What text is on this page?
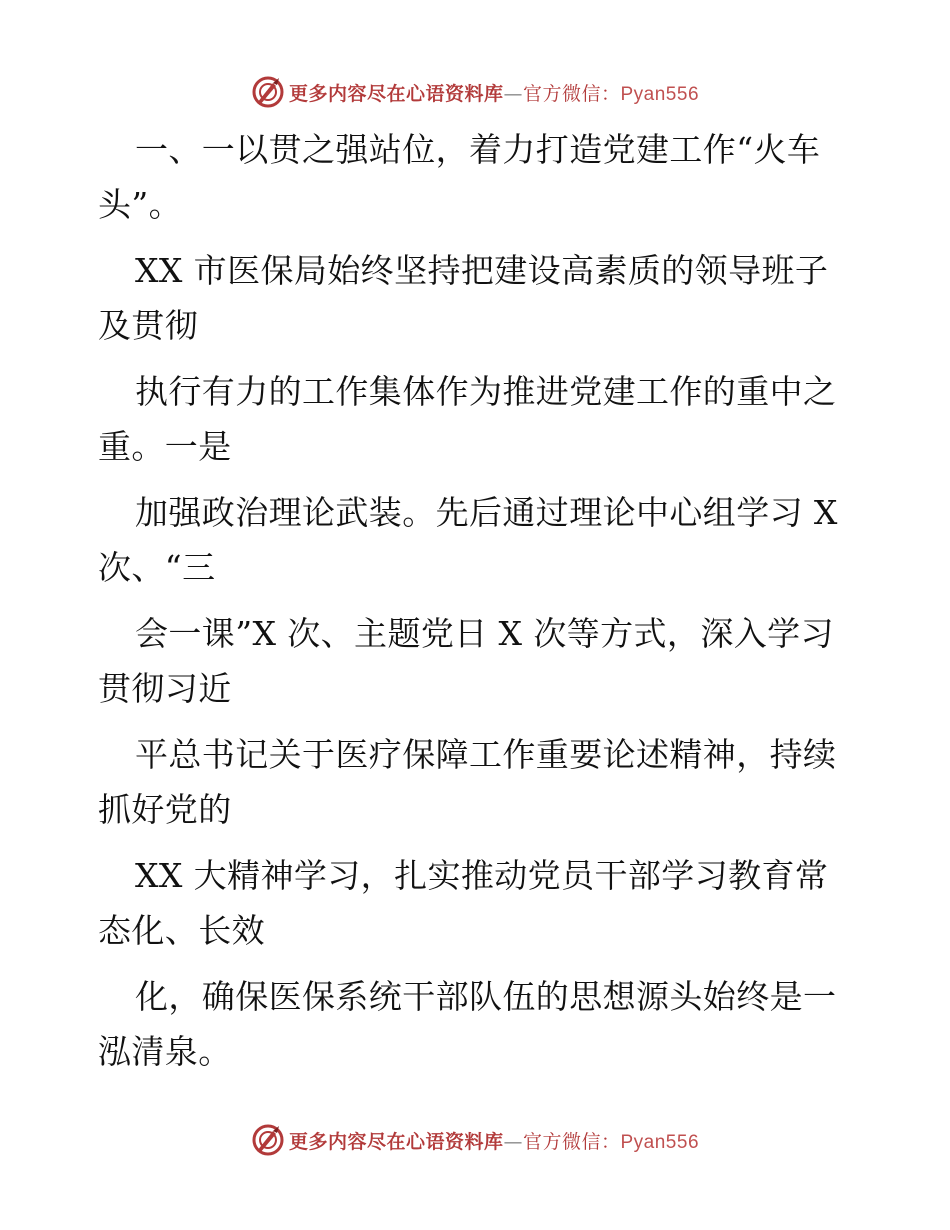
更多内容尽在心语资料库—官方微信：Pyan556

一、一以贯之强站位，着力打造党建工作“火车头”。

XX 市医保局始终坚持把建设高素质的领导班子及贯彻

执行有力的工作集体作为推进党建工作的重中之重。一是

加强政治理论武装。先后通过理论中心组学习 X 次、“三

会一课”X 次、主题党日 X 次等方式，深入学习贯彻习近

平总书记关于医疗保障工作重要论述精神，持续抓好党的

XX 大精神学习，扎实推动党员干部学习教育常态化、长效

化，确保医保系统干部队伍的思想源头始终是一泓清泉。

更多内容尽在心语资料库—官方微信：Pyan556
